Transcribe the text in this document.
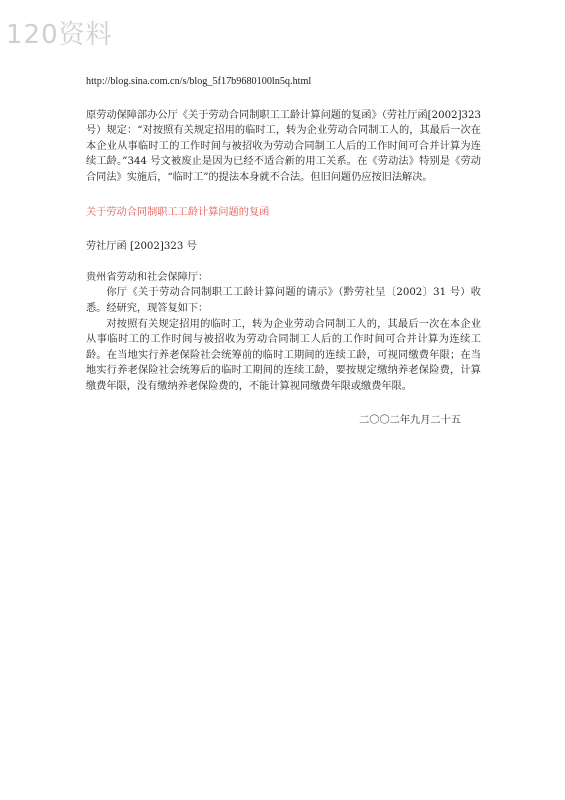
120资料

http://blog.sina.com.cn/s/blog_5f17b9680100ln5q.html

原劳动保障部办公厅《关于劳动合同制职工工龄计算问题的复函》（劳社厅函[2002]323 号）规定：“对按照有关规定招用的临时工，转为企业劳动合同制工人的，其最后一次在本企业从事临时工的工作时间与被招收为劳动合同制工人后的工作时间可合并计算为连续工龄。”344 号文被废止是因为已经不适合新的用工关系。在《劳动法》特别是《劳动合同法》实施后，“临时工”的提法本身就不合法。但旧问题仍应按旧法解决。

关于劳动合同制职工工龄计算问题的复函

劳社厅函 [2002]323 号

贵州省劳动和社会保障厅：

你厅《关于劳动合同制职工工龄计算问题的请示》（黔劳社呈〔2002〕31 号）收悉。经研究，现答复如下：

对按照有关规定招用的临时工，转为企业劳动合同制工人的，其最后一次在本企业从事临时工的工作时间与被招收为劳动合同制工人后的工作时间可合并计算为连续工龄。在当地实行养老保险社会统筹前的临时工期间的连续工龄，可视同缴费年限；在当地实行养老保险社会统筹后的临时工期间的连续工龄，要按规定缴纳养老保险费，计算缴费年限，没有缴纳养老保险费的，不能计算视同缴费年限或缴费年限。

二〇〇二年九月二十五
